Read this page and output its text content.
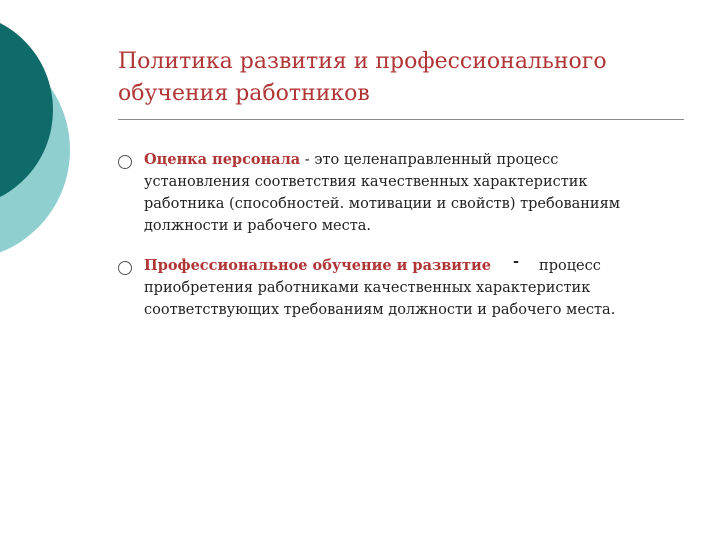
Политика развития и профессионального
обучения работников
Оценка персонала - это целенаправленный процесс
установления соответствия качественных характеристик
работника (способностей. мотивации и свойств) требованиям
должности и рабочего места.
Профессиональное обучение и развитие - процесс
приобретения работниками качественных характеристик
соответствующих требованиям должности и рабочего места.
